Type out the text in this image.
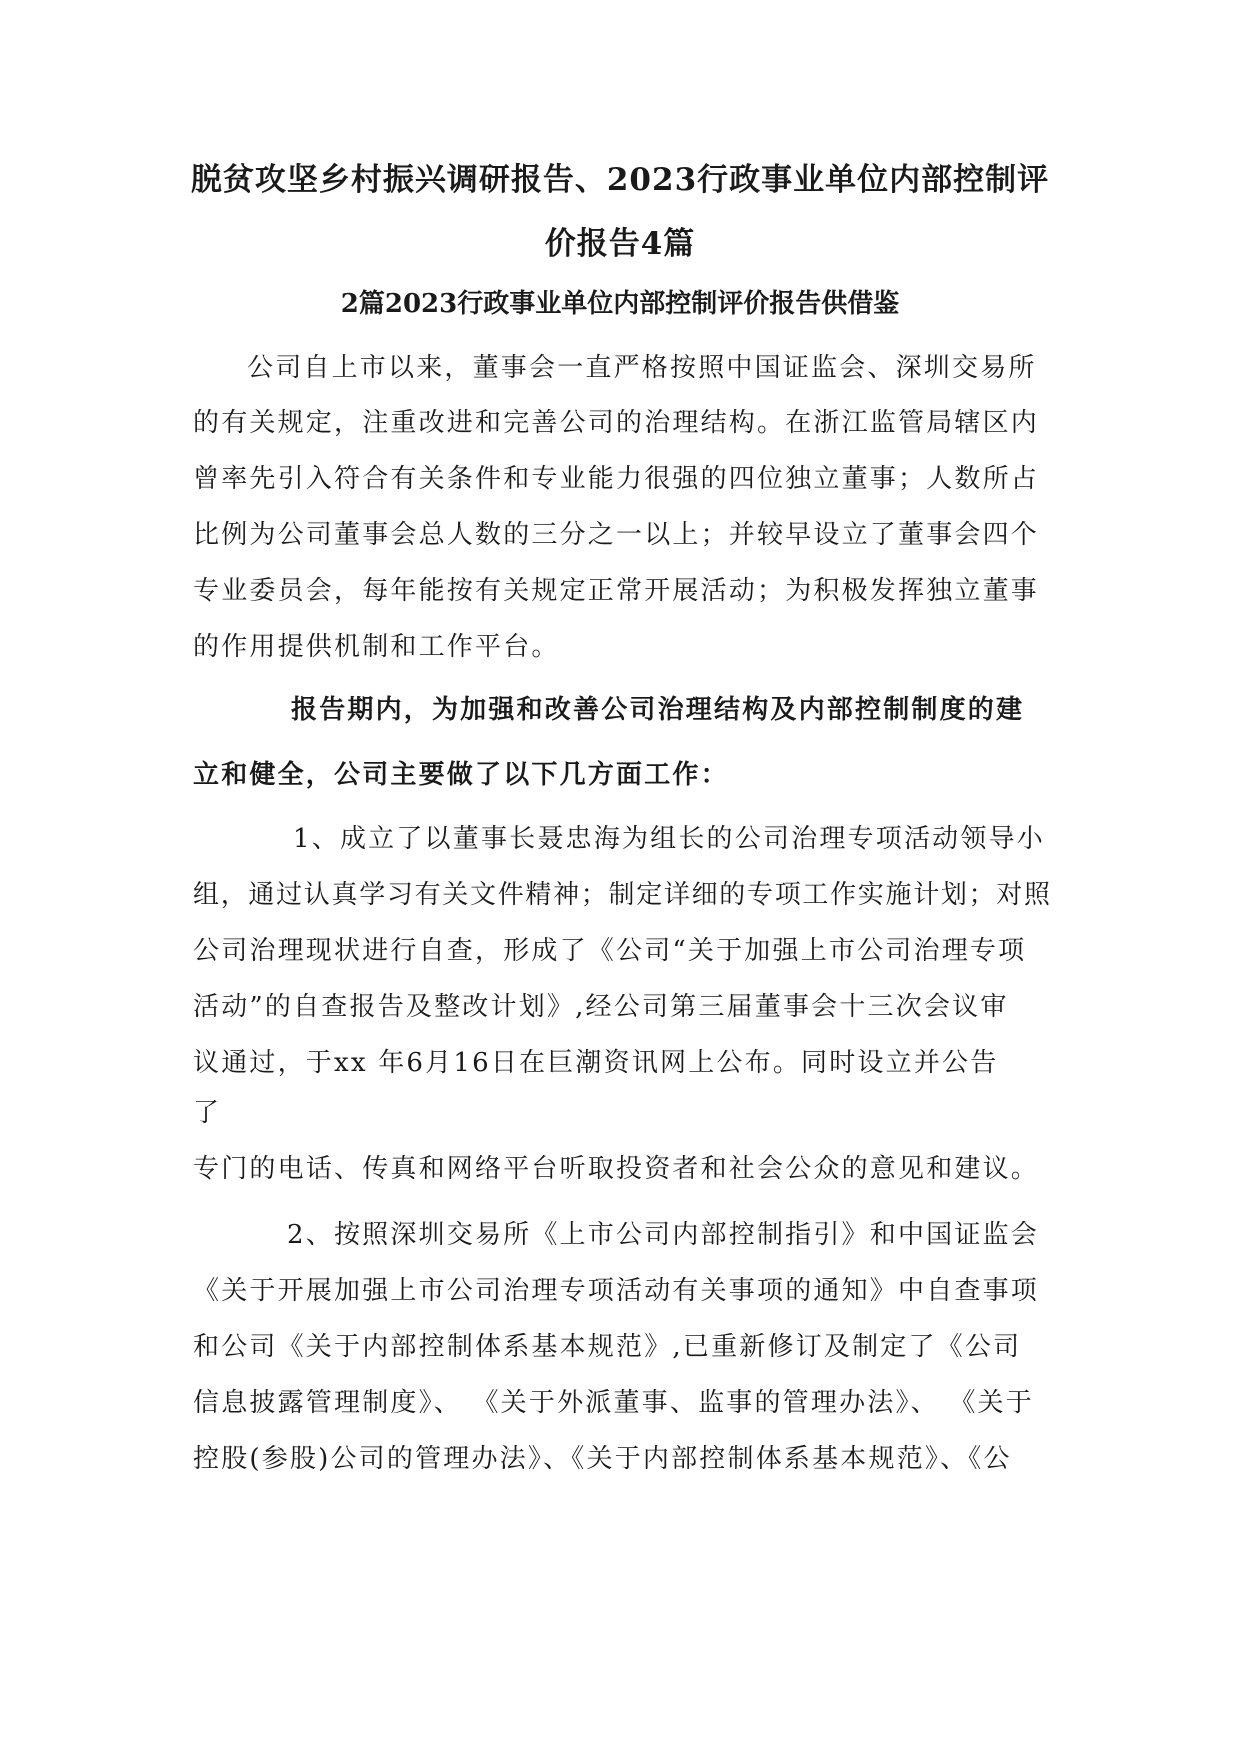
脱贫攻坚乡村振兴调研报告、2023行政事业单位内部控制评
价报告4篇
2篇2023行政事业单位内部控制评价报告供借鉴
公司自上市以来，董事会一直严格按照中国证监会、深圳交易所
的有关规定，注重改进和完善公司的治理结构。在浙江监管局辖区内
曾率先引入符合有关条件和专业能力很强的四位独立董事；人数所占
比例为公司董事会总人数的三分之一以上；并较早设立了董事会四个
专业委员会，每年能按有关规定正常开展活动；为积极发挥独立董事
的作用提供机制和工作平台。
报告期内，为加强和改善公司治理结构及内部控制制度的建
立和健全，公司主要做了以下几方面工作：
1、成立了以董事长聂忠海为组长的公司治理专项活动领导小
组，通过认真学习有关文件精神；制定详细的专项工作实施计划；对照
公司治理现状进行自查，形成了《公司“关于加强上市公司治理专项
活动”的自查报告及整改计划》,经公司第三届董事会十三次会议审
议通过，于xx 年6月16日在巨潮资讯网上公布。同时设立并公告
了
专门的电话、传真和网络平台听取投资者和社会公众的意见和建议。
2、按照深圳交易所《上市公司内部控制指引》和中国证监会
《关于开展加强上市公司治理专项活动有关事项的通知》中自查事项
和公司《关于内部控制体系基本规范》,已重新修订及制定了《公司
信息披露管理制度》、 《关于外派董事、监事的管理办法》、 《关于
控股(参股)公司的管理办法》、《关于内部控制体系基本规范》、《公
